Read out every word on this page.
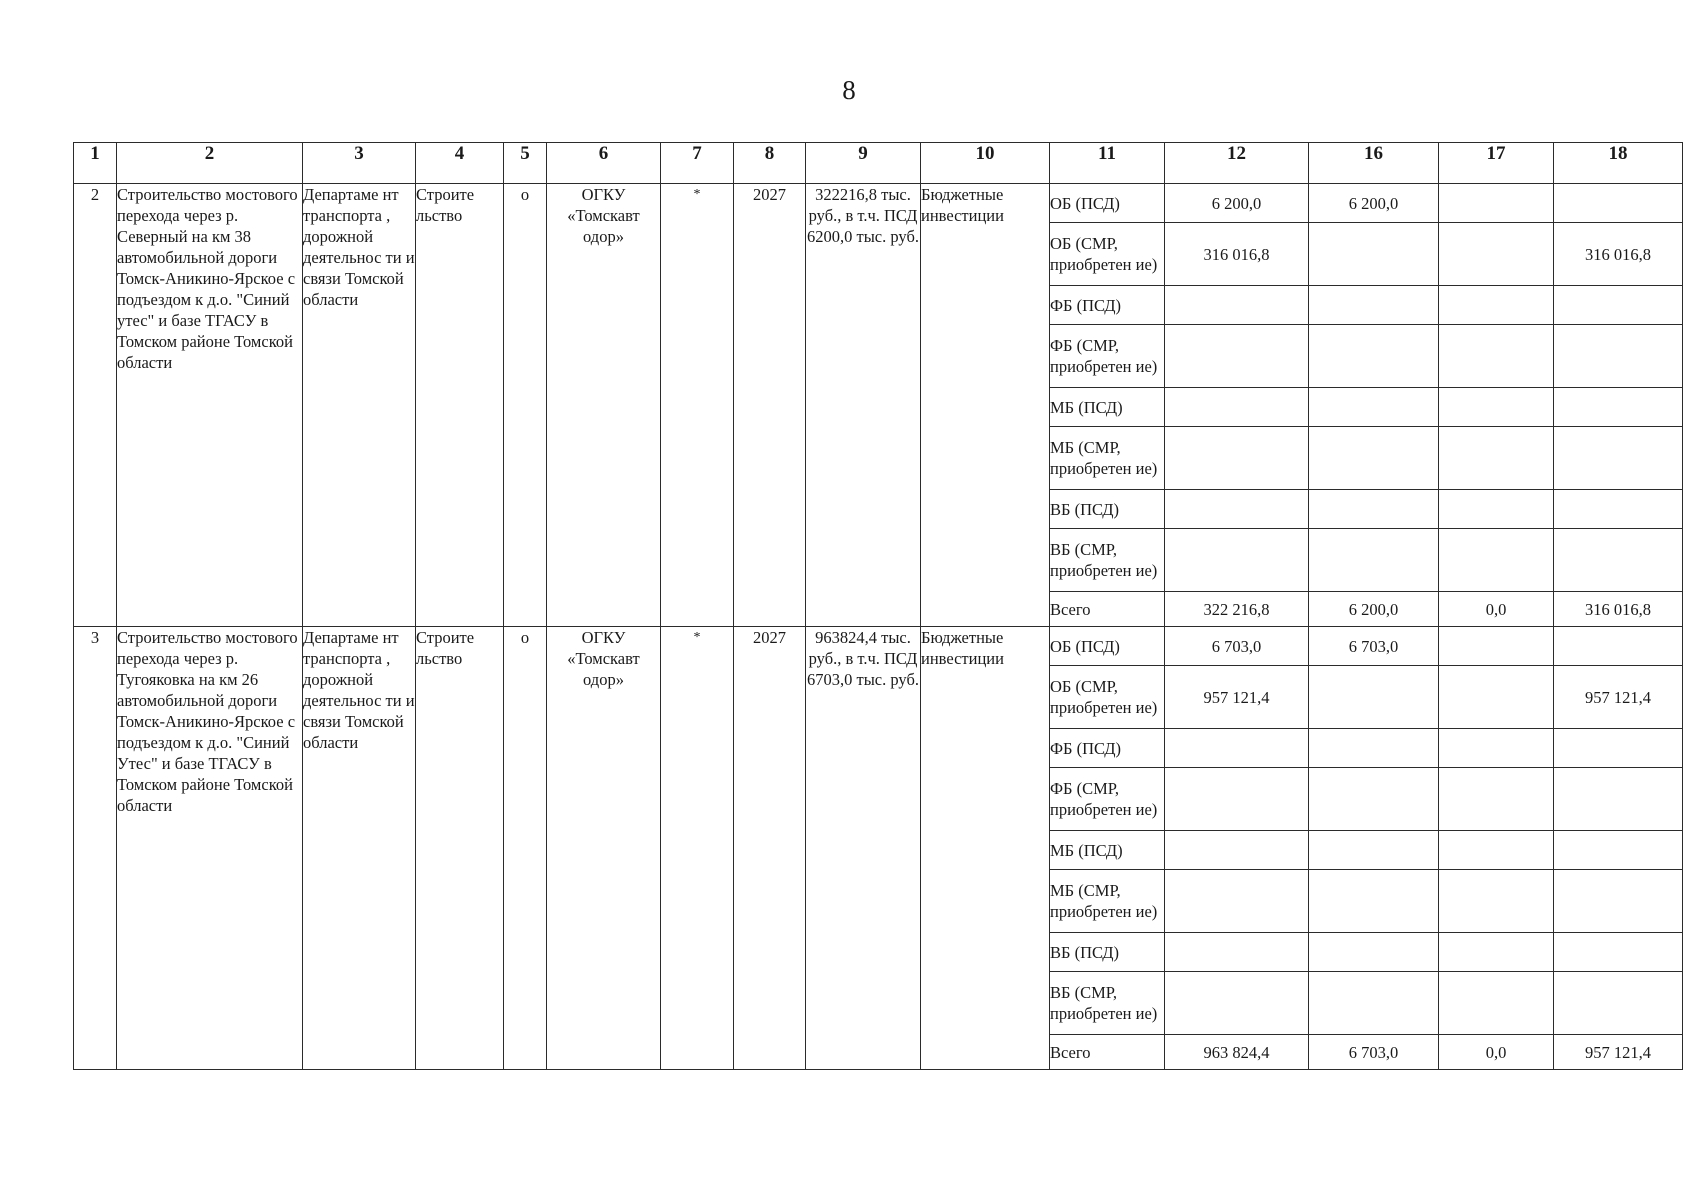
8
1	2	3	4	5	6	7	8	9	10	11	12	16	17	18
2	Строительство мостового перехода через р. Северный на км 38 автомобильной дороги Томск-Аникино-Ярское с подъездом к д.о. "Синий утес" и базе ТГАСУ в Томском районе Томской области	Департаме нт транспорта , дорожной деятельнос ти и связи Томской области	Строите льство	о	ОГКУ «Томскавт одор»	*	2027	322216,8 тыс. руб., в т.ч. ПСД 6200,0 тыс. руб.	Бюджетные инвестиции	ОБ (ПСД)	6 200,0	6 200,0		
										ОБ (СМР, приобретен ие)	316 016,8			316 016,8
										ФБ (ПСД)				
										ФБ (СМР, приобретен ие)				
										МБ (ПСД)				
										МБ (СМР, приобретен ие)				
										ВБ (ПСД)				
										ВБ (СМР, приобретен ие)				
										Всего	322 216,8	6 200,0	0,0	316 016,8
3	Строительство мостового перехода через р. Тугояковка на км 26 автомобильной дороги Томск-Аникино-Ярское с подъездом к д.о. "Синий Утес" и базе ТГАСУ в Томском районе Томской области	Департаме нт транспорта , дорожной деятельнос ти и связи Томской области	Строите льство	о	ОГКУ «Томскавт одор»	*	2027	963824,4 тыс. руб., в т.ч. ПСД 6703,0 тыс. руб.	Бюджетные инвестиции	ОБ (ПСД)	6 703,0	6 703,0		
										ОБ (СМР, приобретен ие)	957 121,4			957 121,4
										ФБ (ПСД)				
										ФБ (СМР, приобретен ие)				
										МБ (ПСД)				
										МБ (СМР, приобретен ие)				
										ВБ (ПСД)				
										ВБ (СМР, приобретен ие)				
										Всего	963 824,4	6 703,0	0,0	957 121,4
